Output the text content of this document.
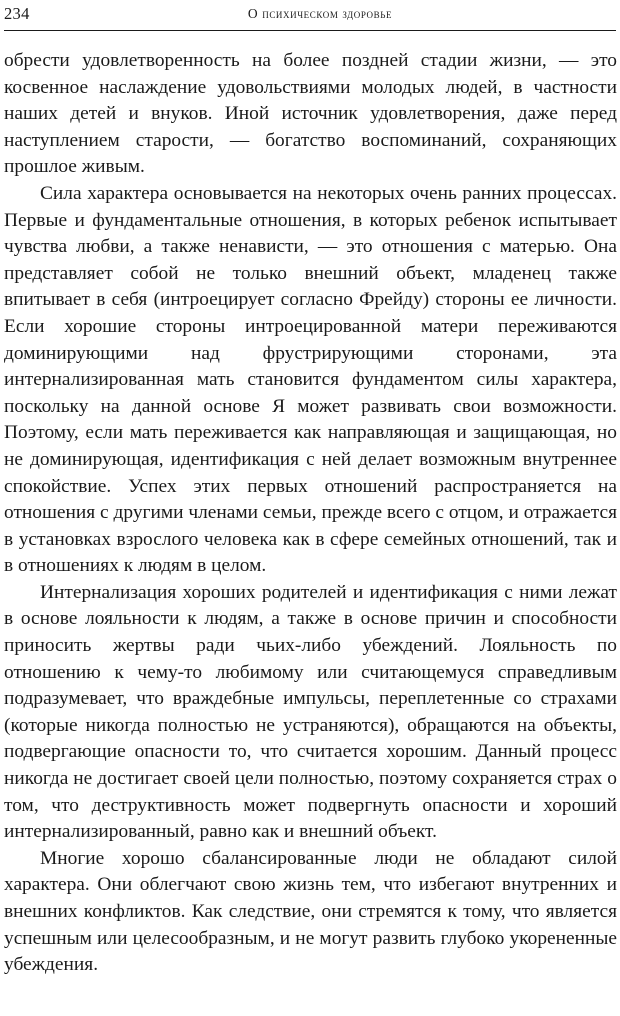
234	О психическом здоровье

обрести удовлетворенность на более поздней стадии жизни, — это косвенное наслаждение удовольствиями молодых людей, в частности наших детей и внуков. Иной источник удовлетворения, даже перед наступлением старости, — богатство воспоминаний, сохраняющих прошлое живым.

Сила характера основывается на некоторых очень ранних процессах. Первые и фундаментальные отношения, в которых ребенок испытывает чувства любви, а также ненависти, — это отношения с матерью. Она представляет собой не только внешний объект, младенец также впитывает в себя (интроецирует согласно Фрейду) стороны ее личности. Если хорошие стороны интроецированной матери переживаются доминирующими над фрустрирующими сторонами, эта интернализированная мать становится фундаментом силы характера, поскольку на данной основе Я может развивать свои возможности. Поэтому, если мать переживается как направляющая и защищающая, но не доминирующая, идентификация с ней делает возможным внутреннее спокойствие. Успех этих первых отношений распространяется на отношения с другими членами семьи, прежде всего с отцом, и отражается в установках взрослого человека как в сфере семейных отношений, так и в отношениях к людям в целом.

Интернализация хороших родителей и идентификация с ними лежат в основе лояльности к людям, а также в основе причин и способности приносить жертвы ради чьих-либо убеждений. Лояльность по отношению к чему-то любимому или считающемуся справедливым подразумевает, что враждебные импульсы, переплетенные со страхами (которые никогда полностью не устраняются), обращаются на объекты, подвергающие опасности то, что считается хорошим. Данный процесс никогда не достигает своей цели полностью, поэтому сохраняется страх о том, что деструктивность может подвергнуть опасности и хороший интернализированный, равно как и внешний объект.

Многие хорошо сбалансированные люди не обладают силой характера. Они облегчают свою жизнь тем, что избегают внутренних и внешних конфликтов. Как следствие, они стремятся к тому, что является успешным или целесообразным, и не могут развить глубоко укорененные убеждения.
